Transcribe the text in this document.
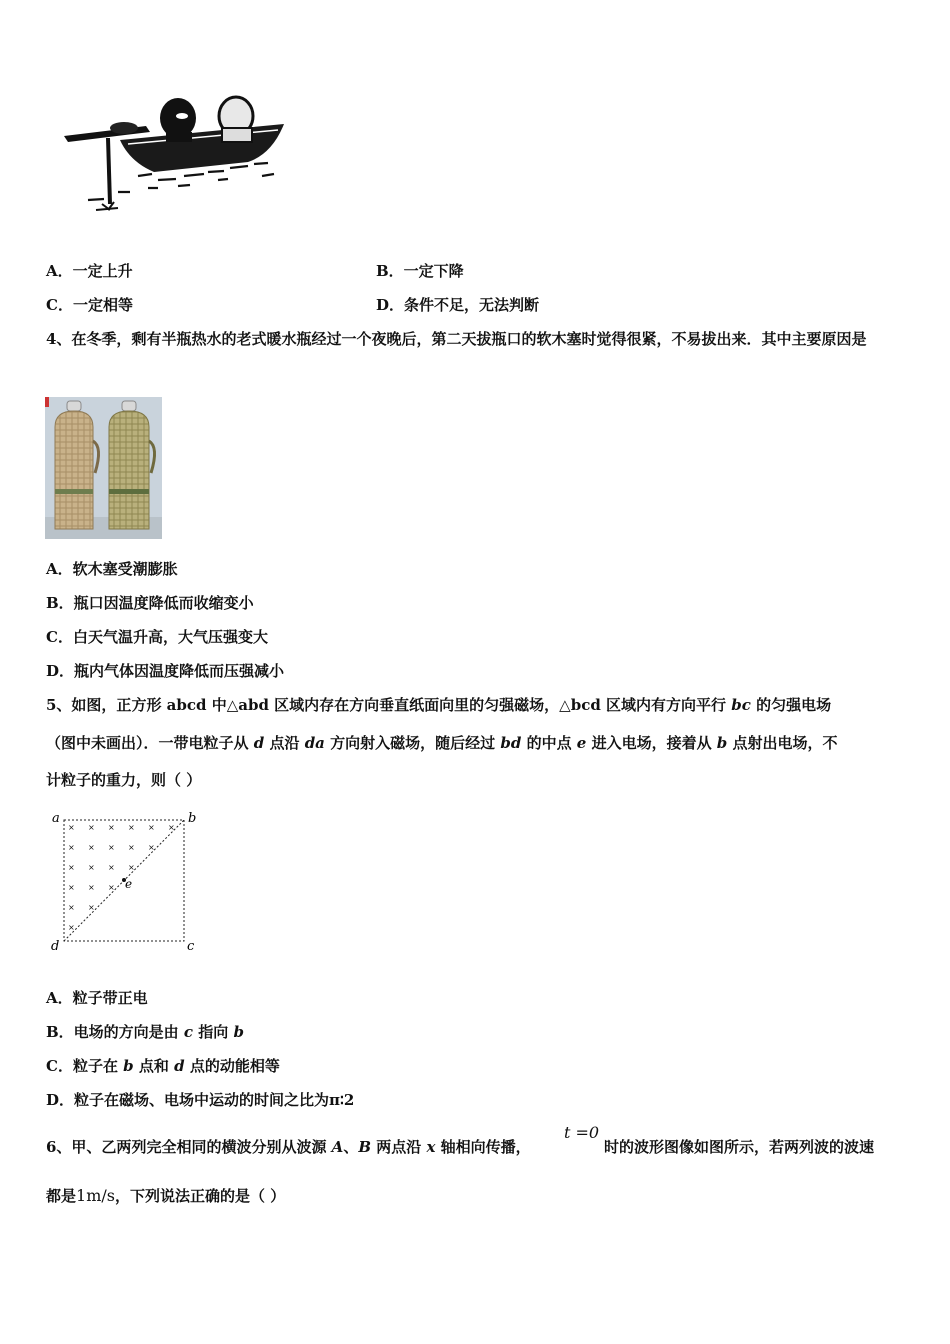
A．一定上升	B．一定下降
C．一定相等	D．条件不足，无法判断
4、在冬季，剩有半瓶热水的老式暖水瓶经过一个夜晚后，第二天拔瓶口的软木塞时觉得很紧，不易拔出来．其中主要原因是
A．软木塞受潮膨胀
B．瓶口因温度降低而收缩变小
C．白天气温升高，大气压强变大
D．瓶内气体因温度降低而压强减小
5、如图，正方形 abcd 中△abd 区域内存在方向垂直纸面向里的匀强磁场，△bcd 区域内有方向平行 bc 的匀强电场
（图中未画出）．一带电粒子从 d 点沿 da 方向射入磁场，随后经过 bd 的中点 e 进入电场，接着从 b 点射出电场，不
计粒子的重力，则（ ）
× × × × × ×
× × × × ×
× × × ×
× × ×
× ×
×
a	b
c
d
e
A．粒子带正电
B．电场的方向是由 c 指向 b
C．粒子在 b 点和 d 点的动能相等
D．粒子在磁场、电场中运动的时间之比为π∶2
6、甲、乙两列完全相同的横波分别从波源 A、B 两点沿 x 轴相向传播，
t =0
时的波形图像如图所示，若两列波的波速
都是1m/s，下列说法正确的是（ ）
